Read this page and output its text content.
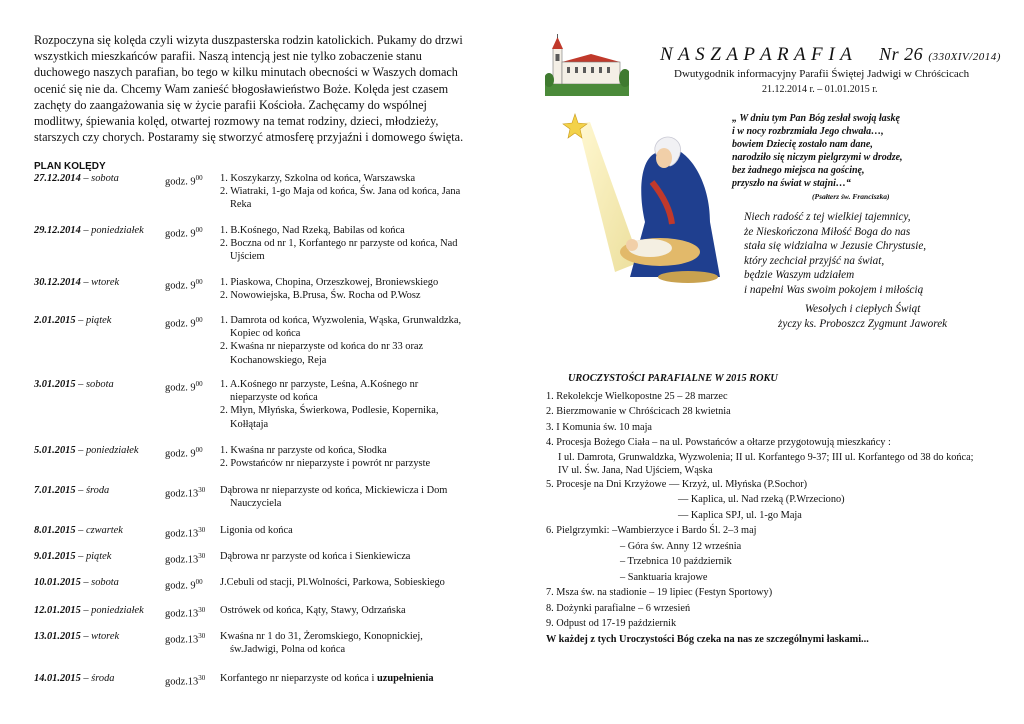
Rozpoczyna się kolęda czyli wizyta duszpasterska rodzin katolickich. Pukamy do drzwi wszystkich mieszkańców parafii. Naszą intencją jest nie tylko zobaczenie stanu duchowego naszych parafian, bo tego w kilku minutach obecności w Waszych domach ocenić się nie da. Chcemy Wam zanieść błogosławieństwo Boże. Kolęda jest czasem zachęty do zaangażowania się w życie parafii Kościoła. Zachęcamy do wspólnej modlitwy, śpiewania kolęd, otwartej rozmowy na temat rodziny, dzieci, młodzieży, starszych czy chorych. Postaramy się stworzyć atmosferę przyjaźni i domowego święta.

PLAN KOLĘDY
27.12.2014 – sobota	godz. $9^{00}$ 1. Koszykarzy, Szkolna od końca, Warszawska
2. Wiatraki, 1-go Maja od końca, Św. Jana od końca, Jana Reka
29.12.2014 – poniedziałek godz. $9^{00}$ 1. B.Kośnego, Nad Rzeką, Babilas od końca
2. Boczna od nr 1, Korfantego nr parzyste od końca, Nad Ujściem
30.12.2014 – wtorek	godz. $9^{00}$ 1. Piaskowa, Chopina, Orzeszkowej, Broniewskiego
2. Nowowiejska, B.Prusa, Św. Rocha od P.Wosz
2.01.2015 – piątek	godz. $9^{00}$ 1. Damrota od końca, Wyzwolenia, Wąska, Grunwaldzka, Kopiec od końca
2. Kwaśna nr nieparzyste od końca do nr 33 oraz Kochanowskiego, Reja
3.01.2015 – sobota	godz. $9^{00}$ 1. A.Kośnego nr parzyste, Leśna, A.Kośnego nr nieparzyste od końca
2. Młyn, Młyńska, Świerkowa, Podlesie, Kopernika, Kołłątaja
5.01.2015 – poniedziałek	godz. $9^{00}$ 1. Kwaśna nr parzyste od końca, Słodka
2. Powstańców nr nieparzyste i powrót nr parzyste
7.01.2015 – środa	$godz.13^{30}$ Dąbrowa nr nieparzyste od końca, Mickiewicza i Dom Nauczyciela
8.01.2015 – czwartek	$godz.13^{30}$ Ligonia od końca
9.01.2015 – piątek	$godz.13^{30}$ Dąbrowa nr parzyste od końca i Sienkiewicza
10.01.2015 – sobota	godz. $9^{00}$ J.Cebuli od stacji, Pl.Wolności, Parkowa, Sobieskiego
12.01.2015 – poniedziałek $godz.13^{30}$ Ostrówek od końca, Kąty, Stawy, Odrzańska
13.01.2015 – wtorek	$godz.13^{30}$ Kwaśna nr 1 do 31, Żeromskiego, Konopnickiej, św.Jadwigi, Polna od końca
14.01.2015 – środa	$godz.13^{30}$ Korfantego nr nieparzyste od końca i uzupełnienia
N A S Z A P A R A F I A Nr 26 (330XIV/2014)
Dwutygodnik informacyjny Parafii Świętej Jadwigi w Chróścicach
21.12.2014 r. – 01.01.2015 r.
„ W dniu tym Pan Bóg zesłał swoją łaskę
i w nocy rozbrzmiała Jego chwała…,
bowiem Dziecię zostało nam dane,
narodziło się niczym pielgrzymi w drodze,
bez żadnego miejsca na gościnę,
przyszło na świat w stajni…“
(Psałterz św. Franciszka)
Niech radość z tej wielkiej tajemnicy,
że Nieskończona Miłość Boga do nas
stała się widzialna w Jezusie Chrystusie,
który zechciał przyjść na świat,
będzie Waszym udziałem
i napełni Was swoim pokojem i miłością
Wesołych i ciepłych Świąt
życzy ks. Proboszcz Zygmunt Jaworek
UROCZYSTOŚCI PARAFIALNE W 2015 ROKU
1. Rekolekcje Wielkopostne 25 – 28 marzec
2. Bierzmowanie w Chróścicach 28 kwietnia
3. I Komunia św. 10 maja
4. Procesja Bożego Ciała – na ul. Powstańców a ołtarze przygotowują mieszkańcy :
I ul. Damrota, Grunwaldzka, Wyzwolenia; II ul. Korfantego 9-37; III ul. Korfantego od 38 do końca; IV ul. Św. Jana, Nad Ujściem, Wąska
5. Procesje na Dni Krzyżowe — Krzyż, ul. Młyńska (P.Sochor)
— Kaplica, ul. Nad rzeką (P.Wrzeciono)
— Kaplica SPJ, ul. 1-go Maja
6. Pielgrzymki: –Wambierzyce i Bardo Śl. 2–3 maj
– Góra św. Anny 12 września
– Trzebnica 10 październik
– Sanktuaria krajowe
7. Msza św. na stadionie – 19 lipiec (Festyn Sportowy)
8. Dożynki parafialne – 6 wrzesień
9. Odpust od 17-19 październik
W każdej z tych Uroczystości Bóg czeka na nas ze szczególnymi łaskami...
